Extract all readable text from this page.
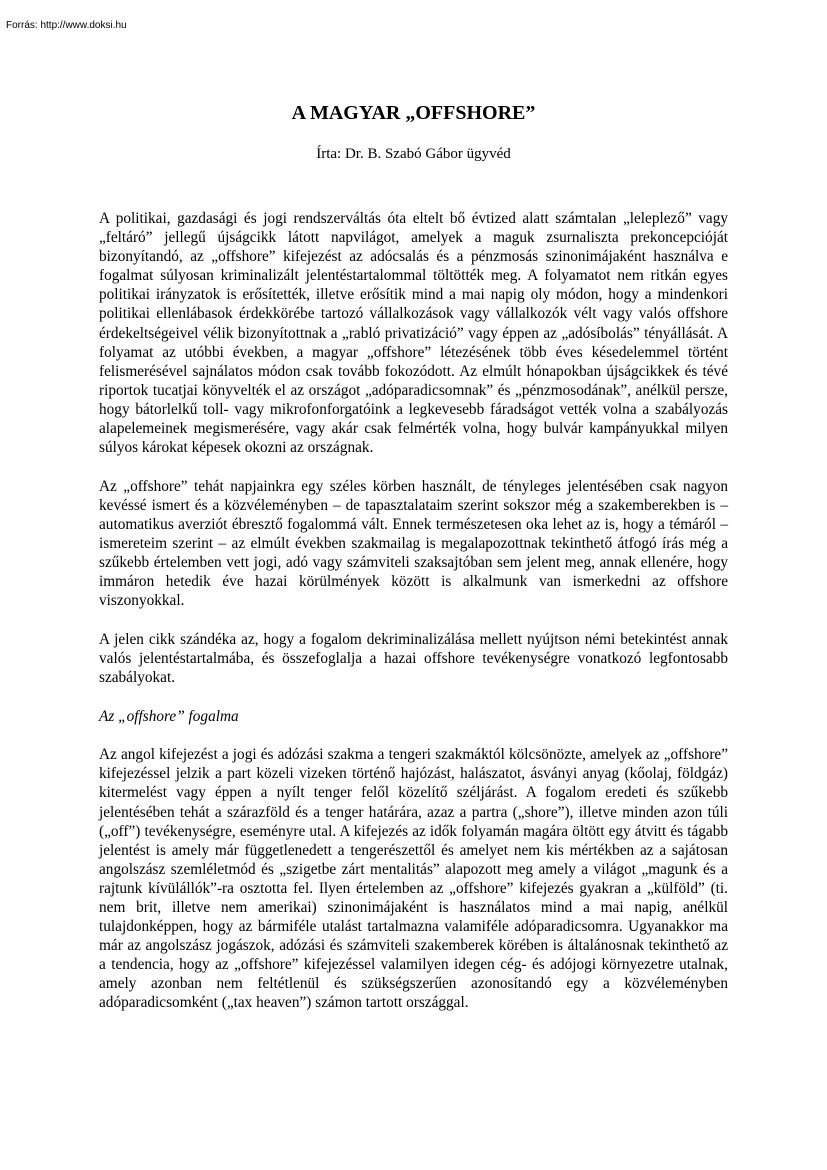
Forrás: http://www.doksi.hu
A MAGYAR „OFFSHORE”
Írta: Dr. B. Szabó Gábor ügyvéd

A politikai, gazdasági és jogi rendszerváltás óta eltelt bő évtized alatt számtalan „leleplező” vagy „feltáró” jellegű újságcikk látott napvilágot, amelyek a maguk zsurnaliszta prekoncepcióját bizonyítandó, az „offshore” kifejezést az adócsalás és a pénzmosás szinonimájaként használva e fogalmat súlyosan kriminalizált jelentéstartalommal töltötték meg. A folyamatot nem ritkán egyes politikai irányzatok is erősítették, illetve erősítik mind a mai napig oly módon, hogy a mindenkori politikai ellenlábasok érdekkörébe tartozó vállalkozások vagy vállalkozók vélt vagy valós offshore érdekeltségeivel vélik bizonyítottnak a „rabló privatizáció” vagy éppen az „adósíbolás” tényállását. A folyamat az utóbbi években, a magyar „offshore” létezésének több éves késedelemmel történt felismerésével sajnálatos módon csak tovább fokozódott. Az elmúlt hónapokban újságcikkek és tévé riportok tucatjai könyvelték el az országot „adóparadicsomnak” és „pénzmosodának”, anélkül persze, hogy bátorlelkű toll- vagy mikrofonforgatóink a legkevesebb fáradságot vették volna a szabályozás alapelemeinek megismerésére, vagy akár csak felmérték volna, hogy bulvár kampányukkal milyen súlyos károkat képesek okozni az országnak.

Az „offshore” tehát napjainkra egy széles körben használt, de tényleges jelentésében csak nagyon kevéssé ismert és a közvéleményben – de tapasztalataim szerint sokszor még a szakemberekben is – automatikus averziót ébresztő fogalommá vált. Ennek természetesen oka lehet az is, hogy a témáról – ismereteim szerint – az elmúlt években szakmailag is megalapozottnak tekinthető átfogó írás még a szűkebb értelemben vett jogi, adó vagy számviteli szaksajtóban sem jelent meg, annak ellenére, hogy immáron hetedik éve hazai körülmények között is alkalmunk van ismerkedni az offshore viszonyokkal.

A jelen cikk szándéka az, hogy a fogalom dekriminalizálása mellett nyújtson némi betekintést annak valós jelentéstartalmába, és összefoglalja a hazai offshore tevékenységre vonatkozó legfontosabb szabályokat.

Az „offshore” fogalma

Az angol kifejezést a jogi és adózási szakma a tengeri szakmáktól kölcsönözte, amelyek az „offshore” kifejezéssel jelzik a part közeli vizeken történő hajózást, halászatot, ásványi anyag (kőolaj, földgáz) kitermelést vagy éppen a nyílt tenger felől közelítő széljárást. A fogalom eredeti és szűkebb jelentésében tehát a szárazföld és a tenger határára, azaz a partra („shore”), illetve minden azon túli („off”) tevékenységre, eseményre utal. A kifejezés az idők folyamán magára öltött egy átvitt és tágabb jelentést is amely már függetlenedett a tengerészettől és amelyet nem kis mértékben az a sajátosan angolszász szemléletmód és „szigetbe zárt mentalitás” alapozott meg amely a világot „magunk és a rajtunk kívülállók”-ra osztotta fel. Ilyen értelemben az „offshore” kifejezés gyakran a „külföld” (ti. nem brit, illetve nem amerikai) szinonimájaként is használatos mind a mai napig, anélkül tulajdonképpen, hogy az bármiféle utalást tartalmazna valamiféle adóparadicsomra. Ugyanakkor ma már az angolszász jogászok, adózási és számviteli szakemberek körében is általánosnak tekinthető az a tendencia, hogy az „offshore” kifejezéssel valamilyen idegen cég- és adójogi környezetre utalnak, amely azonban nem feltétlenül és szükségszerűen azonosítandó egy a közvéleményben adóparadicsomként („tax heaven”) számon tartott országgal.
